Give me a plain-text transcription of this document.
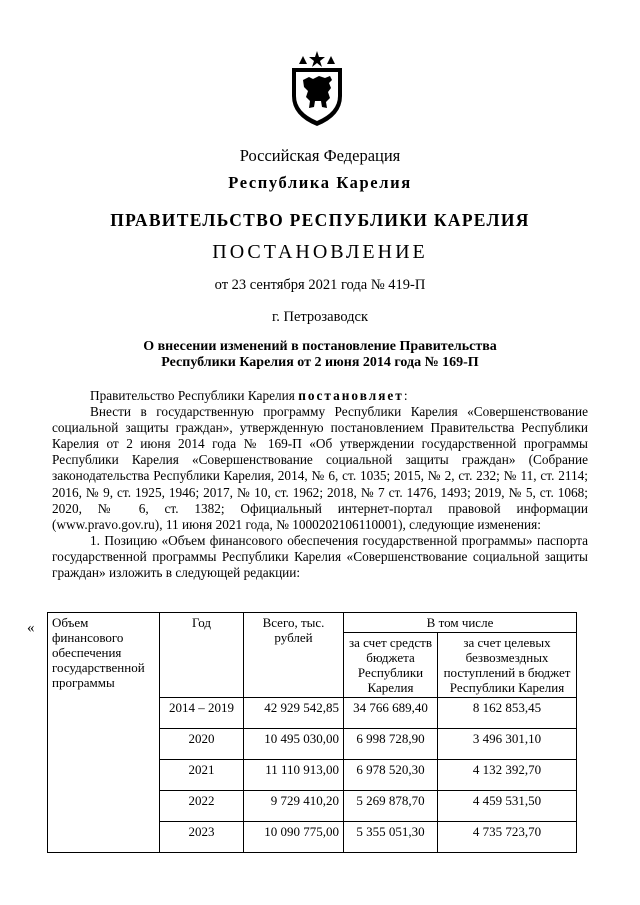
Российская Федерация
Республика Карелия
ПРАВИТЕЛЬСТВО РЕСПУБЛИКИ КАРЕЛИЯ
ПОСТАНОВЛЕНИЕ
от 23 сентября 2021 года № 419-П
г. Петрозаводск
О внесении изменений в постановление Правительства
Республики Карелия от 2 июня 2014 года № 169-П

Правительство Республики Карелия постановляет:

Внести в государственную программу Республики Карелия «Совершенствование социальной защиты граждан», утвержденную постановлением Правительства Республики Карелия от 2 июня 2014 года № 169-П «Об утверждении государственной программы Республики Карелия «Совершенствование социальной защиты граждан» (Собрание законодательства Республики Карелия, 2014, № 6, ст. 1035; 2015, № 2, ст. 232; № 11, ст. 2114; 2016, № 9, ст. 1925, 1946; 2017, № 10, ст. 1962; 2018, № 7 ст. 1476, 1493; 2019, № 5, ст. 1068; 2020, № 6, ст. 1382; Официальный интернет-портал правовой информации (www.pravo.gov.ru), 11 июня 2021 года, № 1000202106110001), следующие изменения:

1. Позицию «Объем финансового обеспечения государственной программы» паспорта государственной программы Республики Карелия «Совершенствование социальной защиты граждан» изложить в следующей редакции:

« Объем финансового обеспечения государственной программы	Год	Всего, тыс. рублей	В том числе	
			за счет средств бюджета Республики Карелия	за счет целевых безвозмездных поступлений в бюджет Республики Карелия
	2014 – 2019	42 929 542,85	34 766 689,40	8 162 853,45
	2020	10 495 030,00	6 998 728,90	3 496 301,10
	2021	11 110 913,00	6 978 520,30	4 132 392,70
	2022	9 729 410,20	5 269 878,70	4 459 531,50
	2023	10 090 775,00	5 355 051,30	4 735 723,70
